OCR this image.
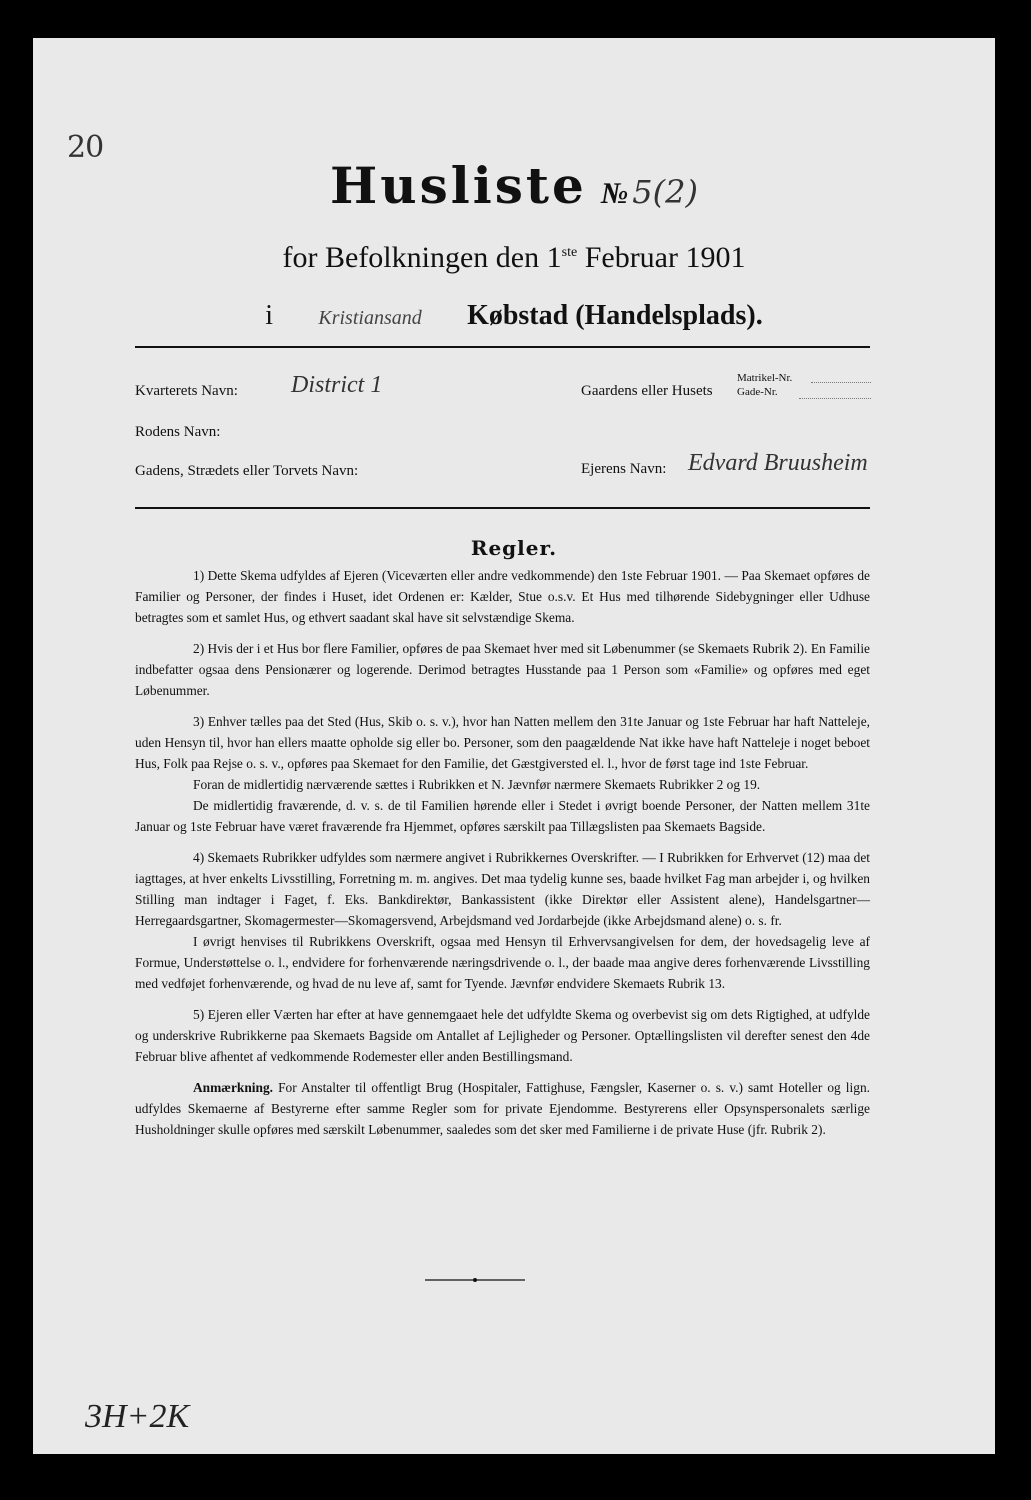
20
Husliste № 5(2)
for Befolkningen den 1ste Februar 1901
i Kristiansand Købstad (Handelsplads).
Kvarterets Navn: District 1	Gaardens eller Husets
Matrikel-Nr.
Gade-Nr.
Rodens Navn:
Gadens, Strædets eller Torvets Navn:	Ejerens Navn: Edvard Bruusheim
Regler.

1) Dette Skema udfyldes af Ejeren (Viceværten eller andre vedkommende) den 1ste Februar 1901. — Paa Skemaet opføres de Familier og Personer, der findes i Huset, idet Ordenen er: Kælder, Stue o.s.v. Et Hus med tilhørende Sidebygninger eller Udhuse betragtes som et samlet Hus, og ethvert saadant skal have sit selvstændige Skema.

2) Hvis der i et Hus bor flere Familier, opføres de paa Skemaet hver med sit Løbenummer (se Skemaets Rubrik 2). En Familie indbefatter ogsaa dens Pensionærer og logerende. Derimod betragtes Husstande paa 1 Person som «Familie» og opføres med eget Løbenummer.

3) Enhver tælles paa det Sted (Hus, Skib o. s. v.), hvor han Natten mellem den 31te Januar og 1ste Februar har haft Natteleje, uden Hensyn til, hvor han ellers maatte opholde sig eller bo. Personer, som den paagældende Nat ikke have haft Natteleje i noget beboet Hus, Folk paa Rejse o. s. v., opføres paa Skemaet for den Familie, det Gæstgiversted el. l., hvor de først tage ind 1ste Februar.

Foran de midlertidig nærværende sættes i Rubrikken et N. Jævnfør nærmere Skemaets Rubrikker 2 og 19.

De midlertidig fraværende, d. v. s. de til Familien hørende eller i Stedet i øvrigt boende Personer, der Natten mellem 31te Januar og 1ste Februar have været fraværende fra Hjemmet, opføres særskilt paa Tillægslisten paa Skemaets Bagside.

4) Skemaets Rubrikker udfyldes som nærmere angivet i Rubrikkernes Overskrifter. — I Rubrikken for Erhvervet (12) maa det iagttages, at hver enkelts Livsstilling, Forretning m. m. angives. Det maa tydelig kunne ses, baade hvilket Fag man arbejder i, og hvilken Stilling man indtager i Faget, f. Eks. Bankdirektør, Bankassistent (ikke Direktør eller Assistent alene), Handelsgartner—Herregaardsgartner, Skomagermester—Skomagersvend, Arbejdsmand ved Jordarbejde (ikke Arbejdsmand alene) o. s. fr.

I øvrigt henvises til Rubrikkens Overskrift, ogsaa med Hensyn til Erhvervsangivelsen for dem, der hovedsagelig leve af Formue, Understøttelse o. l., endvidere for forhenværende næringsdrivende o. l., der baade maa angive deres forhenværende Livsstilling med vedføjet forhenværende, og hvad de nu leve af, samt for Tyende. Jævnfør endvidere Skemaets Rubrik 13.

5) Ejeren eller Værten har efter at have gennemgaaet hele det udfyldte Skema og overbevist sig om dets Rigtighed, at udfylde og underskrive Rubrikkerne paa Skemaets Bagside om Antallet af Lejligheder og Personer. Optællingslisten vil derefter senest den 4de Februar blive afhentet af vedkommende Rodemester eller anden Bestillingsmand.

Anmærkning. For Anstalter til offentligt Brug (Hospitaler, Fattighuse, Fængsler, Kaserner o. s. v.) samt Hoteller og lign. udfyldes Skemaerne af Bestyrerne efter samme Regler som for private Ejendomme. Bestyrerens eller Opsynspersonalets særlige Husholdninger skulle opføres med særskilt Løbenummer, saaledes som det sker med Familierne i de private Huse (jfr. Rubrik 2).

3H+2K
